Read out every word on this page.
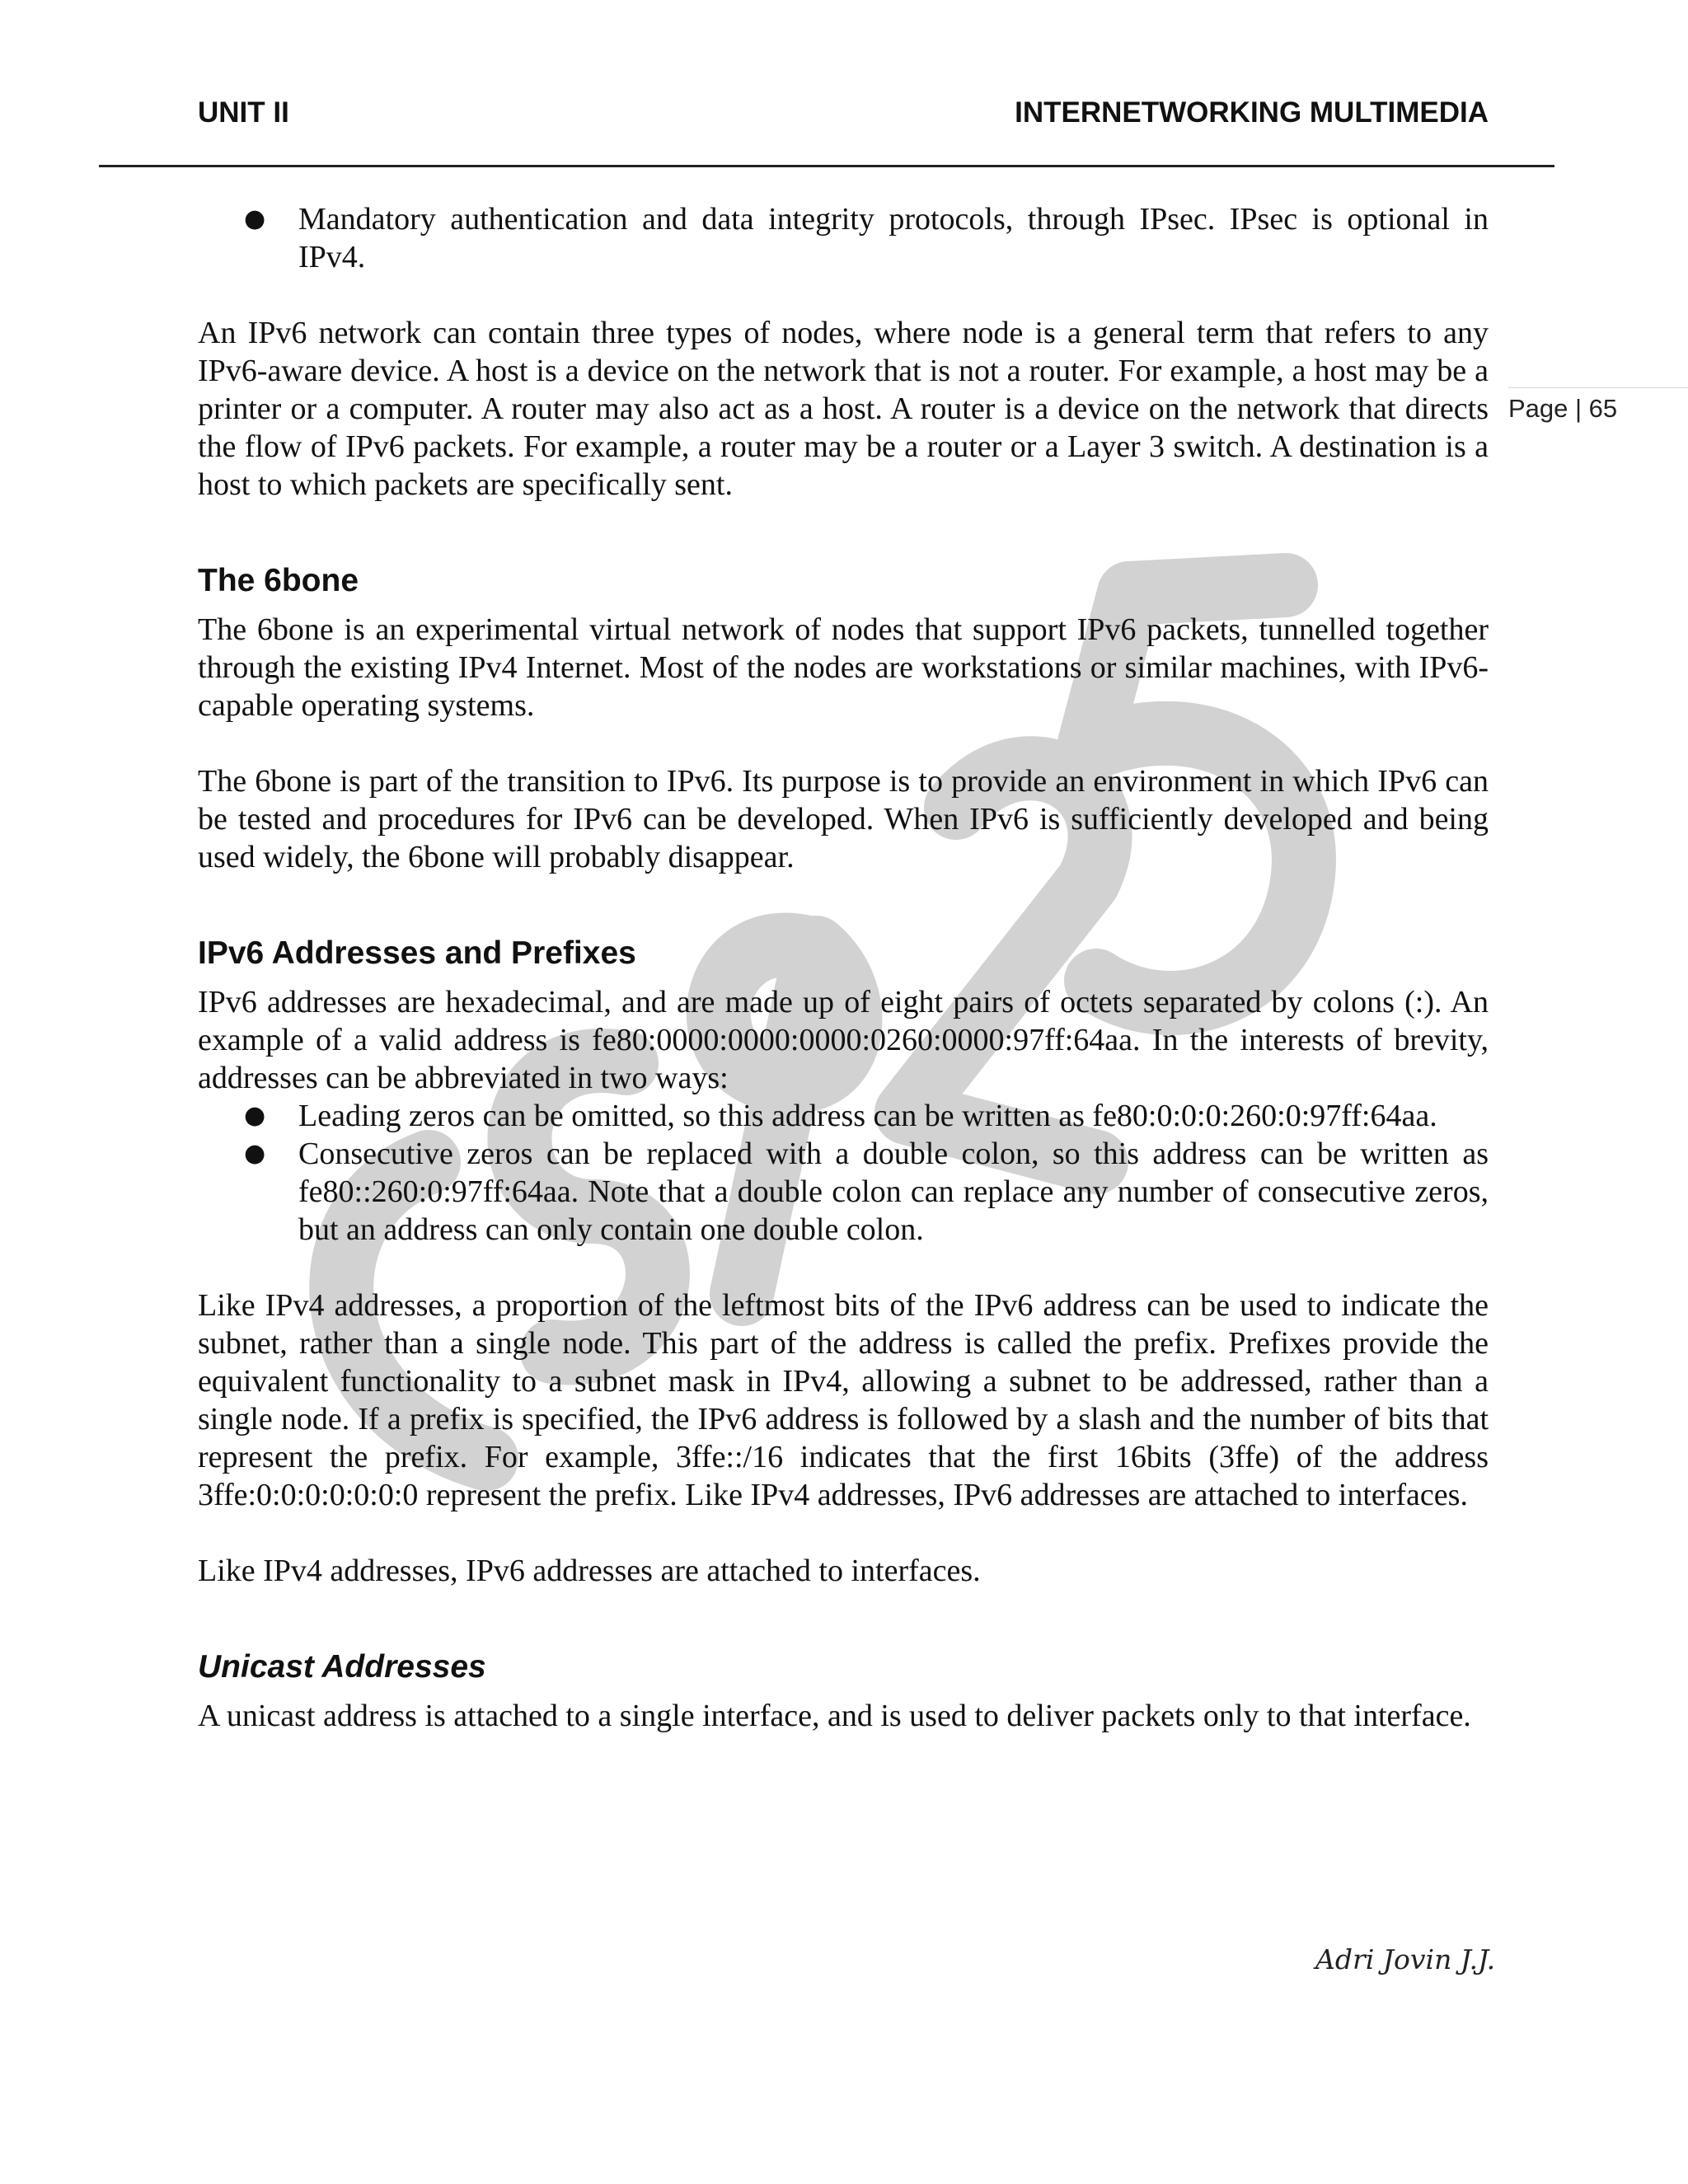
UNIT II	INTERNETWORKING MULTIMEDIA
Page | 65
● Mandatory authentication and data integrity protocols, through IPsec. IPsec is optional in IPv4.

An IPv6 network can contain three types of nodes, where node is a general term that refers to any IPv6-aware device. A host is a device on the network that is not a router. For example, a host may be a printer or a computer. A router may also act as a host. A router is a device on the network that directs the flow of IPv6 packets. For example, a router may be a router or a Layer 3 switch. A destination is a host to which packets are specifically sent.

The 6bone

The 6bone is an experimental virtual network of nodes that support IPv6 packets, tunnelled together through the existing IPv4 Internet. Most of the nodes are workstations or similar machines, with IPv6-capable operating systems.

The 6bone is part of the transition to IPv6. Its purpose is to provide an environment in which IPv6 can be tested and procedures for IPv6 can be developed. When IPv6 is sufficiently developed and being used widely, the 6bone will probably disappear.

IPv6 Addresses and Prefixes

IPv6 addresses are hexadecimal, and are made up of eight pairs of octets separated by colons (:). An example of a valid address is fe80:0000:0000:0000:0260:0000:97ff:64aa. In the interests of brevity, addresses can be abbreviated in two ways:

● Leading zeros can be omitted, so this address can be written as fe80:0:0:0:260:0:97ff:64aa.
● Consecutive zeros can be replaced with a double colon, so this address can be written as fe80::260:0:97ff:64aa. Note that a double colon can replace any number of consecutive zeros, but an address can only contain one double colon.

Like IPv4 addresses, a proportion of the leftmost bits of the IPv6 address can be used to indicate the subnet, rather than a single node. This part of the address is called the prefix. Prefixes provide the equivalent functionality to a subnet mask in IPv4, allowing a subnet to be addressed, rather than a single node. If a prefix is specified, the IPv6 address is followed by a slash and the number of bits that represent the prefix. For example, 3ffe::/16 indicates that the first 16bits (3ffe) of the address 3ffe:0:0:0:0:0:0:0 represent the prefix. Like IPv4 addresses, IPv6 addresses are attached to interfaces.

Like IPv4 addresses, IPv6 addresses are attached to interfaces.

Unicast Addresses

A unicast address is attached to a single interface, and is used to deliver packets only to that interface.

Adri Jovin J.J.
